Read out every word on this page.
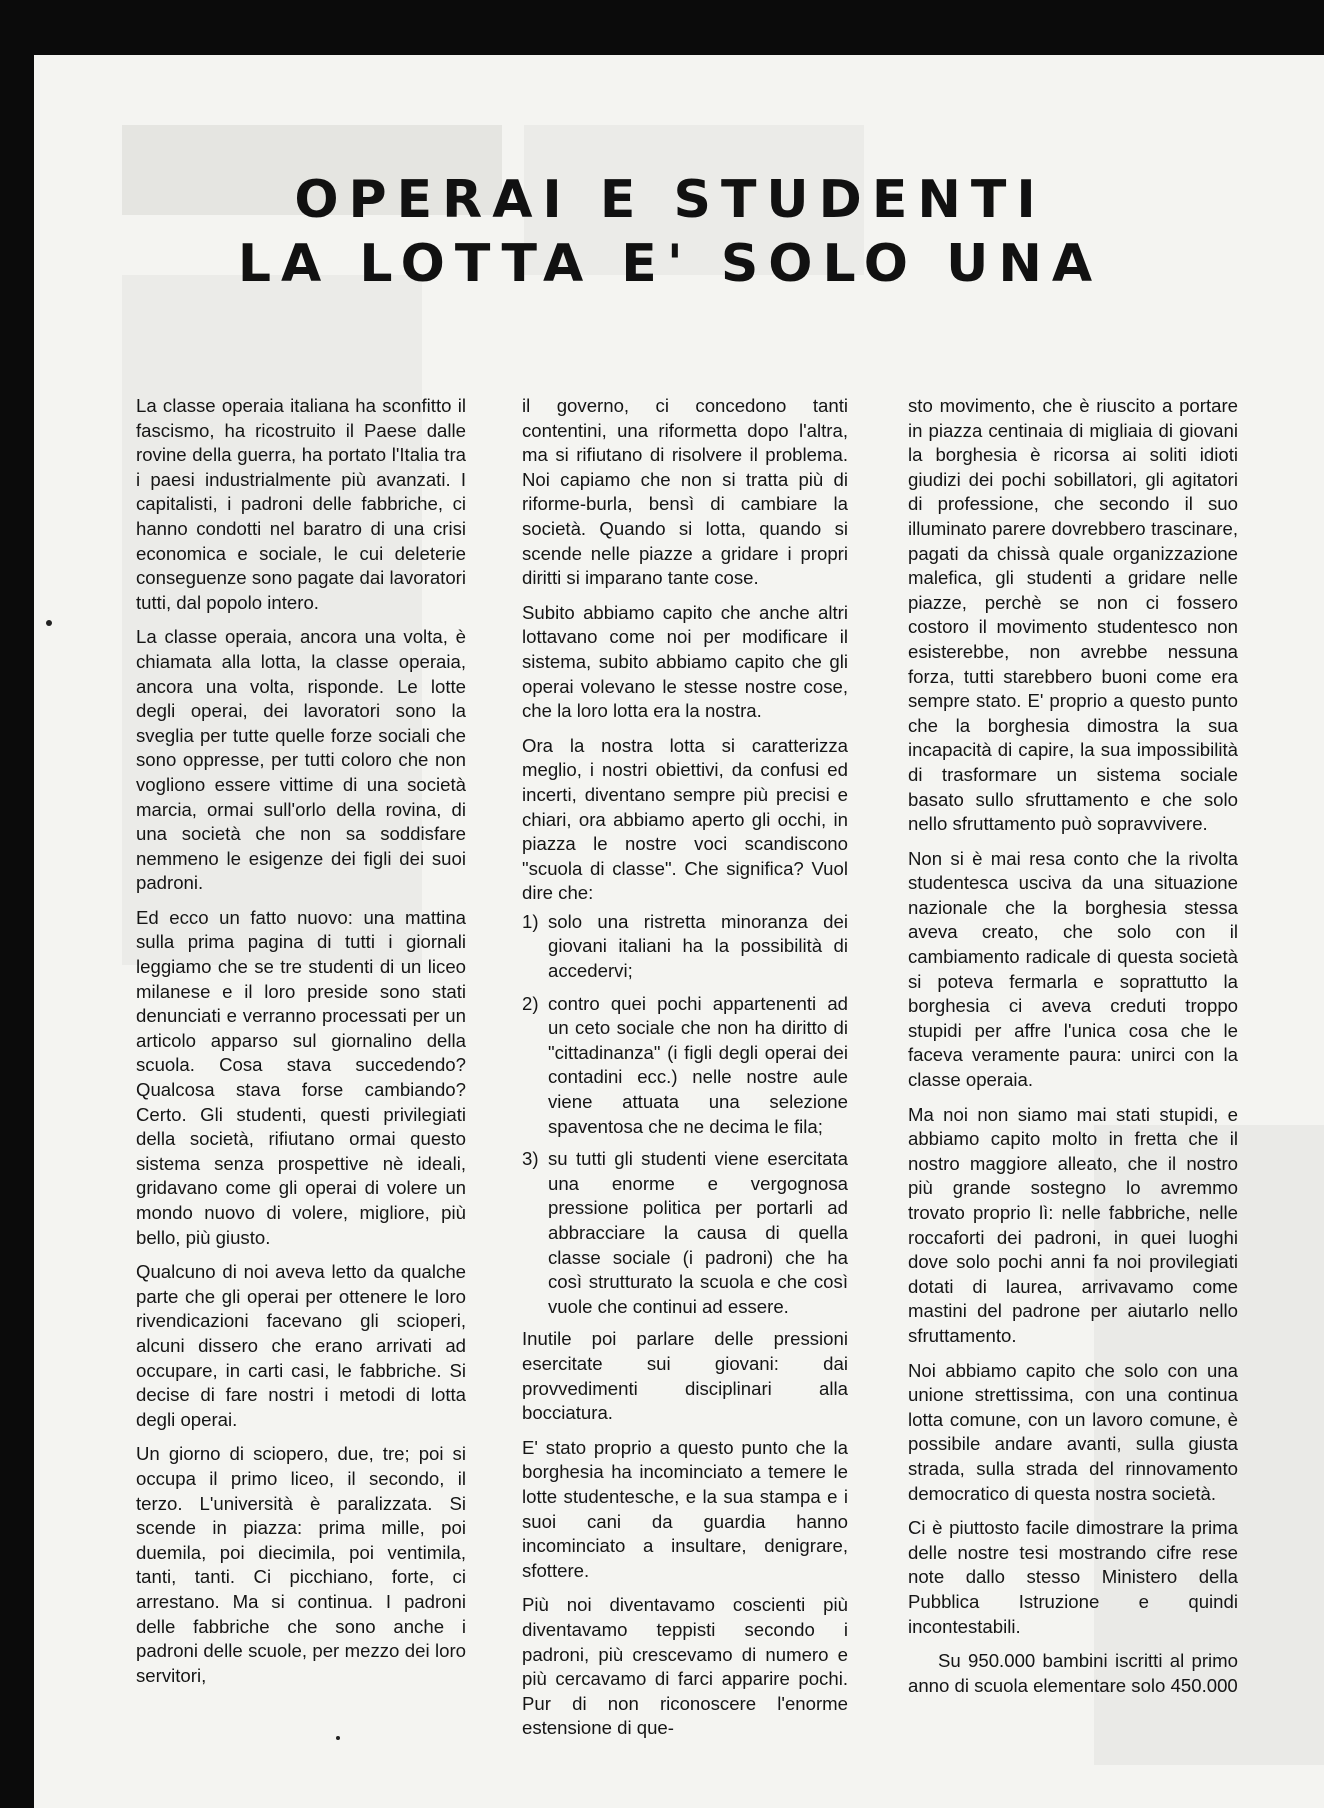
OPERAI E STUDENTI
LA LOTTA E' SOLO UNA

La classe operaia italiana ha sconfitto il fascismo, ha ricostruito il Paese dalle rovine della guerra, ha portato l'Italia tra i paesi industrialmente più avanzati. I capitalisti, i padroni delle fabbriche, ci hanno condotti nel baratro di una crisi economica e sociale, le cui deleterie conseguenze sono pagate dai lavoratori tutti, dal popolo intero.

La classe operaia, ancora una volta, è chiamata alla lotta, la classe operaia, ancora una volta, risponde. Le lotte degli operai, dei lavoratori sono la sveglia per tutte quelle forze sociali che sono oppresse, per tutti coloro che non vogliono essere vittime di una società marcia, ormai sull'orlo della rovina, di una società che non sa soddisfare nemmeno le esigenze dei figli dei suoi padroni.

Ed ecco un fatto nuovo: una mattina sulla prima pagina di tutti i giornali leggiamo che se tre studenti di un liceo milanese e il loro preside sono stati denunciati e verranno processati per un articolo apparso sul giornalino della scuola. Cosa stava succedendo? Qualcosa stava forse cambiando? Certo. Gli studenti, questi privilegiati della società, rifiutano ormai questo sistema senza prospettive nè ideali, gridavano come gli operai di volere un mondo nuovo di volere, migliore, più bello, più giusto.

Qualcuno di noi aveva letto da qualche parte che gli operai per ottenere le loro rivendicazioni facevano gli scioperi, alcuni dissero che erano arrivati ad occupare, in carti casi, le fabbriche. Si decise di fare nostri i metodi di lotta degli operai.

Un giorno di sciopero, due, tre; poi si occupa il primo liceo, il secondo, il terzo. L'università è paralizzata. Si scende in piazza: prima mille, poi duemila, poi diecimila, poi ventimila, tanti, tanti. Ci picchiano, forte, ci arrestano. Ma si continua. I padroni delle fabbriche che sono anche i padroni delle scuole, per mezzo dei loro servitori,

il governo, ci concedono tanti contentini, una riformetta dopo l'altra, ma si rifiutano di risolvere il problema. Noi capiamo che non si tratta più di riforme-burla, bensì di cambiare la società. Quando si lotta, quando si scende nelle piazze a gridare i propri diritti si imparano tante cose.

Subito abbiamo capito che anche altri lottavano come noi per modificare il sistema, subito abbiamo capito che gli operai volevano le stesse nostre cose, che la loro lotta era la nostra.

Ora la nostra lotta si caratterizza meglio, i nostri obiettivi, da confusi ed incerti, diventano sempre più precisi e chiari, ora abbiamo aperto gli occhi, in piazza le nostre voci scandiscono "scuola di classe". Che significa? Vuol dire che:

1) solo una ristretta minoranza dei giovani italiani ha la possibilità di accedervi;
2) contro quei pochi appartenenti ad un ceto sociale che non ha diritto di "cittadinanza" (i figli degli operai dei contadini ecc.) nelle nostre aule viene attuata una selezione spaventosa che ne decima le fila;
3) su tutti gli studenti viene esercitata una enorme e vergognosa pressione politica per portarli ad abbracciare la causa di quella classe sociale (i padroni) che ha così strutturato la scuola e che così vuole che continui ad essere.

Inutile poi parlare delle pressioni esercitate sui giovani: dai provvedimenti disciplinari alla bocciatura.

E' stato proprio a questo punto che la borghesia ha incominciato a temere le lotte studentesche, e la sua stampa e i suoi cani da guardia hanno incominciato a insultare, denigrare, sfottere.

Più noi diventavamo coscienti più diventavamo teppisti secondo i padroni, più crescevamo di numero e più cercavamo di farci apparire pochi. Pur di non riconoscere l'enorme estensione di que-

sto movimento, che è riuscito a portare in piazza centinaia di migliaia di giovani la borghesia è ricorsa ai soliti idioti giudizi dei pochi sobillatori, gli agitatori di professione, che secondo il suo illuminato parere dovrebbero trascinare, pagati da chissà quale organizzazione malefica, gli studenti a gridare nelle piazze, perchè se non ci fossero costoro il movimento studentesco non esisterebbe, non avrebbe nessuna forza, tutti starebbero buoni come era sempre stato. E' proprio a questo punto che la borghesia dimostra la sua incapacità di capire, la sua impossibilità di trasformare un sistema sociale basato sullo sfruttamento e che solo nello sfruttamento può sopravvivere.

Non si è mai resa conto che la rivolta studentesca usciva da una situazione nazionale che la borghesia stessa aveva creato, che solo con il cambiamento radicale di questa società si poteva fermarla e soprattutto la borghesia ci aveva creduti troppo stupidi per affre l'unica cosa che le faceva veramente paura: unirci con la classe operaia.

Ma noi non siamo mai stati stupidi, e abbiamo capito molto in fretta che il nostro maggiore alleato, che il nostro più grande sostegno lo avremmo trovato proprio lì: nelle fabbriche, nelle roccaforti dei padroni, in quei luoghi dove solo pochi anni fa noi provilegiati dotati di laurea, arrivavamo come mastini del padrone per aiutarlo nello sfruttamento.

Noi abbiamo capito che solo con una unione strettissima, con una continua lotta comune, con un lavoro comune, è possibile andare avanti, sulla giusta strada, sulla strada del rinnovamento democratico di questa nostra società.

Ci è piuttosto facile dimostrare la prima delle nostre tesi mostrando cifre rese note dallo stesso Ministero della Pubblica Istruzione e quindi incontestabili.

Su 950.000 bambini iscritti al primo anno di scuola elementare solo 450.000
